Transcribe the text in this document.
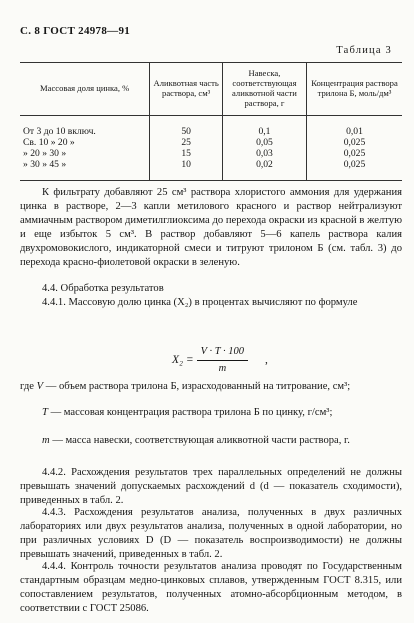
С. 8 ГОСТ 24978—91
Таблица 3
Массовая доля цинка, %	Аликвотная часть раствора, см³	Навеска, соответствующая аликвотной части раствора, г	Концентрация раствора трилона Б, моль/дм³
От 3 до 10 включ.	50	0,1	0,01
Св. 10 » 20 »	25	0,05	0,025
» 20 » 30 »	15	0,03	0,025
» 30 » 45 »	10	0,02	0,025

К фильтрату добавляют 25 см³ раствора хлористого аммония для удержания цинка в растворе, 2—3 капли метилового красного и раствор нейтрализуют аммиачным раствором диметилглиоксима до перехода окраски из красной в желтую и еще избыток 5 см³. В раствор добавляют 5—6 капель раствора калия двухромовокислого, индикаторной смеси и титруют трилоном Б (см. табл. 3) до перехода красно-фиолетовой окраски в зеленую.

4.4. Обработка результатов

4.4.1. Массовую долю цинка (X₂) в процентах вычисляют по формуле

$X_2 = \frac{V \cdot T \cdot 100}{m}$ ,

где V — объем раствора трилона Б, израсходованный на титрование, см³;

T — массовая концентрация раствора трилона Б по цинку, г/см³;

m — масса навески, соответствующая аликвотной части раствора, г.

4.4.2. Расхождения результатов трех параллельных определений не должны превышать значений допускаемых расхождений d (d — показатель сходимости), приведенных в табл. 2.

4.4.3. Расхождения результатов анализа, полученных в двух различных лабораториях или двух результатов анализа, полученных в одной лаборатории, но при различных условиях D (D — показатель воспроизводимости) не должны превышать значений, приведенных в табл. 2.

4.4.4. Контроль точности результатов анализа проводят по Государственным стандартным образцам медно-цинковых сплавов, утвержденным ГОСТ 8.315, или сопоставлением результатов, полученных атомно-абсорбционным методом, в соответствии с ГОСТ 25086.
